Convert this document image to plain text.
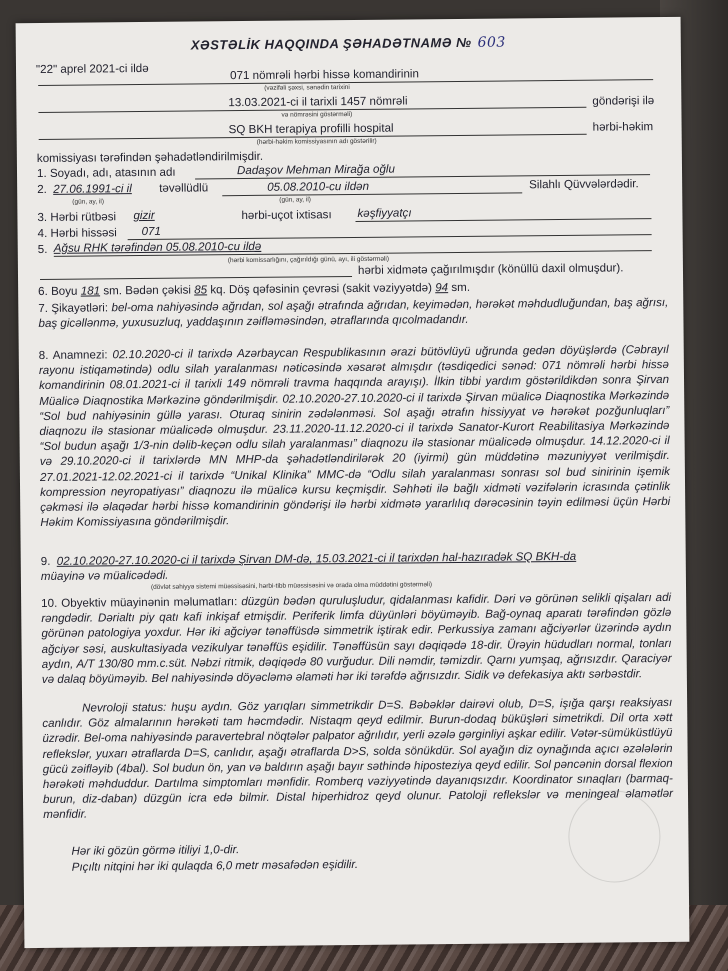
XƏSTƏLİK HAQQINDA ŞƏHADƏTNAMƏ № 603
"22" aprel 2021-ci ildə	071 nömrəli hərbi hissə komandirinin
(vəzifəli şəxsi, sənədin tarixini
13.03.2021-ci il tarixli 1457 nömrəli	göndərişi ilə
və nömrəsini göstərməli)
SQ BKH terapiya profilli hospital	hərbi-həkim
(hərbi-həkim komissiyasının adı göstərilir)
komissiyası tərəfindən şəhadətləndirilmişdir.
1. Soyadı, adı, atasının adı	Dadaşov Mehman Mirağa oğlu
2. 27.06.1991-ci il təvəllüdlü	05.08.2010-cu ildən	Silahlı Qüvvələrdədir.
(gün, ay, il)	(gün, ay, il)
3. Hərbi rütbəsi gizir	hərbi-uçot ixtisası kəşfiyyatçı
4. Hərbi hissəsi 071
5. Ağsu RHK tərəfindən 05.08.2010-cu ildə
(hərbi komissarlığını, çağırıldığı günü, ayı, ili göstərməli)
hərbi xidmətə çağırılmışdır (könüllü daxil olmuşdur).
6. Boyu 181 sm. Bədən çəkisi 85 kq. Döş qəfəsinin çevrəsi (sakit vəziyyətdə) 94 sm.
7. Şikayətləri: bel-oma nahiyəsində ağrıdan, sol aşağı ətrafında ağrıdan, keyimədən, hərəkət məhdudluğundan, baş ağrısı, baş gicəllənmə, yuxusuzluq, yaddaşının zəifləməsindən, ətraflarında qıcolmadandır.
8. Anamnezi: 02.10.2020-ci il tarixdə Azərbaycan Respublikasının ərazi bütövlüyü uğrunda gedən döyüşlərdə (Cəbrayıl rayonu istiqamətində) odlu silah yaralanması nəticəsində xəsarət almışdır (təsdiqedici sənəd: 071 nömrəli hərbi hissə komandirinin 08.01.2021-ci il tarixli 149 nömrəli travma haqqında arayışı). İlkin tibbi yardım göstərildikdən sonra Şirvan Müalicə Diaqnostika Mərkəzinə göndərilmişdir. 02.10.2020-27.10.2020-ci il tarixdə Şirvan müalicə Diaqnostika Mərkəzində “Sol bud nahiyəsinin güllə yarası. Oturaq sinirin zədələnməsi. Sol aşağı ətrafın hissiyyat və hərəkət pozğunluqları” diaqnozu ilə stasionar müalicədə olmuşdur. 23.11.2020-11.12.2020-ci il tarixdə Sanator-Kurort Reabilitasiya Mərkəzində “Sol budun aşağı 1/3-nin dəlib-keçən odlu silah yaralanması” diaqnozu ilə stasionar müalicədə olmuşdur. 14.12.2020-ci il və 29.10.2020-ci il tarixlərdə MN MHP-da şəhadətləndirilərək 20 (iyirmi) gün müddətinə məzuniyyət verilmişdir. 27.01.2021-12.02.2021-ci il tarixdə “Unikal Klinika” MMC-də “Odlu silah yaralanması sonrası sol bud sinirinin işemik kompression neyropatiyası” diaqnozu ilə müalicə kursu keçmişdir. Səhhəti ilə bağlı xidməti vəzifələrin icrasında çətinlik çəkməsi ilə əlaqədar hərbi hissə komandirinin göndərişi ilə hərbi xidmətə yararlılıq dərəcəsinin təyin edilməsi üçün Hərbi Həkim Komissiyasına göndərilmişdir.
9. 02.10.2020-27.10.2020-ci il tarixdə Şirvan DM-də, 15.03.2021-ci il tarixdən hal-hazıradək SQ BKH-da
müayinə və müalicədədi.
(dövlət səhiyyə sistemi müəssisəsini, hərbi-tibb müəssisəsini və orada olma müddətini göstərməli)
10. Obyektiv müayinənin məlumatları: düzgün bədən quruluşludur, qidalanması kafidir. Dəri və görünən selikli qişaları adi rəngdədir. Dərialtı piy qatı kafi inkişaf etmişdir. Periferik limfa düyünləri böyüməyib. Bağ-oynaq aparatı tərəfindən gözlə görünən patologiya yoxdur. Hər iki ağciyər tənəffüsdə simmetrik iştirak edir. Perkussiya zamanı ağciyərlər üzərində aydın ağciyər səsi, auskultasiyada vezikulyar tənəffüs eşidilir. Tənəffüsün sayı dəqiqədə 18-dir. Ürəyin hüdudları normal, tonları aydın, A/T 130/80 mm.c.süt. Nəbzi ritmik, dəqiqədə 80 vurğudur. Dili nəmdir, təmizdir. Qarnı yumşaq, ağrısızdır. Qaraciyər və dalaq böyüməyib. Bel nahiyəsində döyəcləmə əlaməti hər iki tərəfdə ağrısızdır. Sidik və defekasiya aktı sərbəstdir.
Nevroloji status: huşu aydın. Göz yarıqları simmetrikdir D=S. Bəbəklər dairəvi olub, D=S, işığa qarşı reaksiyası canlıdır. Göz almalarının hərəkəti tam həcmdədir. Nistaqm qeyd edilmir. Burun-dodaq büküşləri simetrikdi. Dil orta xətt üzrədir. Bel-oma nahiyəsində paravertebral nöqtələr palpator ağrılıdır, yerli əzələ gərginliyi aşkar edilir. Vətər-sümüküstlüyü reflekslər, yuxarı ətraflarda D=S, canlıdır, aşağı ətraflarda D>S, solda sönükdür. Sol ayağın diz oynağında açıcı əzələlərin gücü zəifləyib (4bal). Sol budun ön, yan və baldırın aşağı bayır səthində hiposteziya qeyd edilir. Sol pəncənin dorsal flexion hərəkəti məhduddur. Dartılma simptomları mənfidir. Romberq vəziyyətində dayanıqsızdır. Koordinator sınaqları (barmaq-burun, diz-daban) düzgün icra edə bilmir. Distal hiperhidroz qeyd olunur. Patoloji reflekslər və meningeal əlamətlər mənfidir.
Hər iki gözün görmə itiliyi 1,0-dir.
Pıçıltı nitqini hər iki qulaqda 6,0 metr məsafədən eşidilir.
